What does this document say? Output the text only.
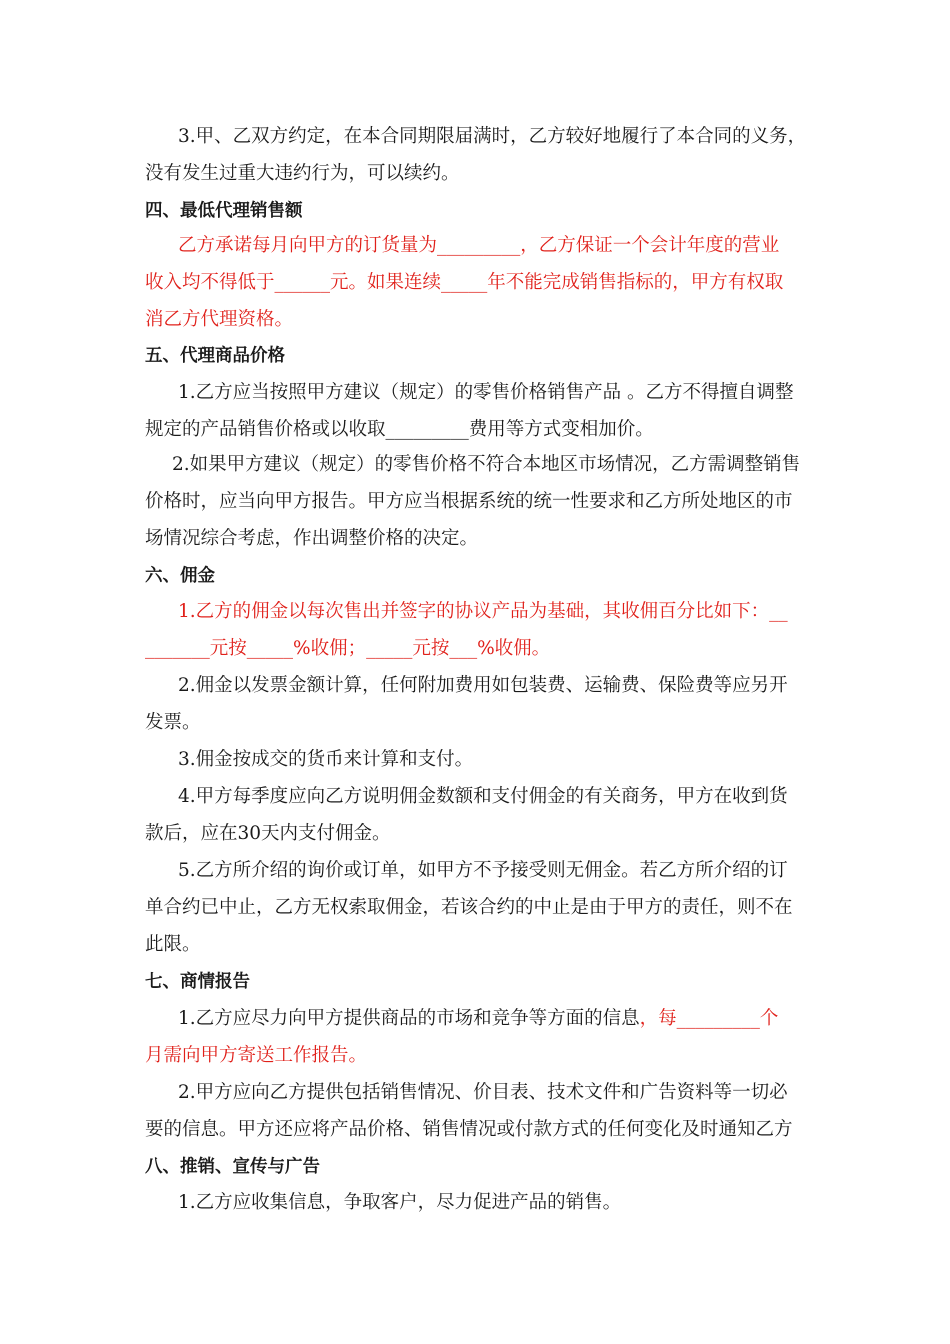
3.甲、乙双方约定，在本合同期限届满时，乙方较好地履行了本合同的义务，
没有发生过重大违约行为，可以续约。
四、最低代理销售额
乙方承诺每月向甲方的订货量为_________，乙方保证一个会计年度的营业
收入均不得低于______元。如果连续_____年不能完成销售指标的，甲方有权取
消乙方代理资格。
五、代理商品价格
1.乙方应当按照甲方建议（规定）的零售价格销售产品 。乙方不得擅自调整
规定的产品销售价格或以收取_________费用等方式变相加价。
2.如果甲方建议（规定）的零售价格不符合本地区市场情况，乙方需调整销售
价格时，应当向甲方报告。甲方应当根据系统的统一性要求和乙方所处地区的市
场情况综合考虑，作出调整价格的决定。
六、佣金
1.乙方的佣金以每次售出并签字的协议产品为基础，其收佣百分比如下：__
_______元按_____%收佣；_____元按___%收佣。
2.佣金以发票金额计算，任何附加费用如包装费、运输费、保险费等应另开
发票。
3.佣金按成交的货币来计算和支付。
4.甲方每季度应向乙方说明佣金数额和支付佣金的有关商务，甲方在收到货
款后，应在30天内支付佣金。
5.乙方所介绍的询价或订单，如甲方不予接受则无佣金。若乙方所介绍的订
单合约已中止，乙方无权索取佣金，若该合约的中止是由于甲方的责任，则不在
此限。
七、商情报告
1.乙方应尽力向甲方提供商品的市场和竞争等方面的信息，每_________个
月需向甲方寄送工作报告。
2.甲方应向乙方提供包括销售情况、价目表、技术文件和广告资料等一切必
要的信息。甲方还应将产品价格、销售情况或付款方式的任何变化及时通知乙方
八、推销、宣传与广告
1.乙方应收集信息，争取客户，尽力促进产品的销售。
